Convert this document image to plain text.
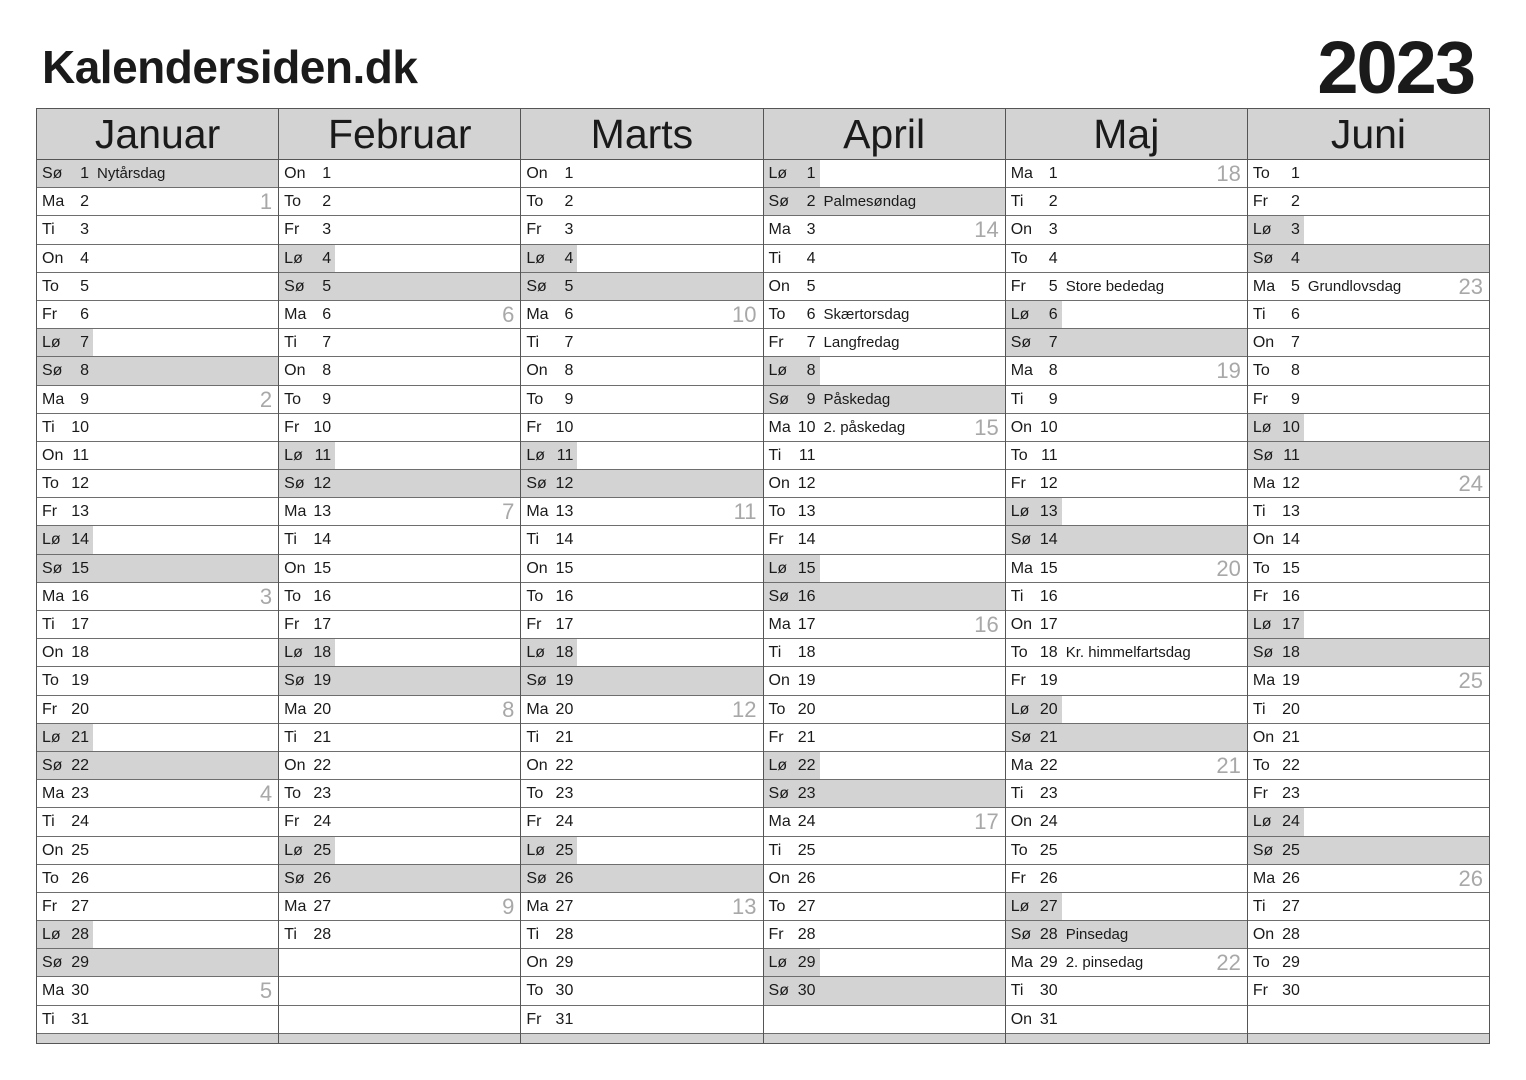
Kalendersiden.dk	2023
Januar
Sø	1 Nytårsdag
Ma 2	1
Ti	3
On	4
To	5
Fr	6
Lø	7
Sø	8
Ma 9	2
Ti 10
On 11
To 12
Fr 13
Lø 14
Sø 15
Ma 16	3
Ti 17
On 18
To 19
Fr 20
Lø 21
Sø 22
Ma 23	4
Ti 24
On 25
To 26
Fr 27
Lø 28
Sø 29
Ma 30	5
Ti 31
Februar
On	1
To	2
Fr	3
Lø	4
Sø	5
Ma 6	6
Ti	7
On	8
To	9
Fr 10
Lø 11
Sø 12
Ma 13	7
Ti 14
On 15
To 16
Fr 17
Lø 18
Sø 19
Ma 20	8
Ti 21
On 22
To 23
Fr 24
Lø 25
Sø 26
Ma 27	9
Ti 28
Marts
On	1
To	2
Fr	3
Lø	4
Sø	5
Ma 6	10
Ti	7
On	8
To	9
Fr 10
Lø 11
Sø 12
Ma 13	11
Ti 14
On 15
To 16
Fr 17
Lø 18
Sø 19
Ma 20	12
Ti 21
On 22
To 23
Fr 24
Lø 25
Sø 26
Ma 27	13
Ti 28
On 29
To 30
Fr 31
April
Lø	1
Sø	2 Palmesøndag
Ma 3	14
Ti	4
On	5
To	6 Skærtorsdag
Fr	7 Langfredag
Lø	8
Sø	9 Påskedag
Ma 10 2. påskedag	15
Ti	11
On 12
To 13
Fr 14
Lø 15
Sø 16
Ma 17	16
Ti 18
On 19
To 20
Fr 21
Lø 22
Sø 23
Ma 24	17
Ti 25
On 26
To 27
Fr 28
Lø 29
Sø 30
Maj
Ma 1	18
Ti	2
On	3
To	4
Fr	5 Store bededag
Lø	6
Sø	7
Ma 8	19
Ti	9
On 10
To 11
Fr 12
Lø 13
Sø 14
Ma 15	20
Ti 16
On 17
To 18 Kr. himmelfartsdag
Fr 19
Lø 20
Sø 21
Ma 22	21
Ti 23
On 24
To 25
Fr 26
Lø 27
Sø 28 Pinsedag
Ma 29 2. pinsedag	22
Ti 30
On 31
Juni
To	1
Fr	2
Lø	3
Sø	4
Ma 5 Grundlovsdag	23
Ti	6
On	7
To	8
Fr	9
Lø 10
Sø 11
Ma 12	24
Ti 13
On 14
To 15
Fr 16
Lø 17
Sø 18
Ma 19	25
Ti 20
On 21
To 22
Fr 23
Lø 24
Sø 25
Ma 26	26
Ti 27
On 28
To 29
Fr 30
